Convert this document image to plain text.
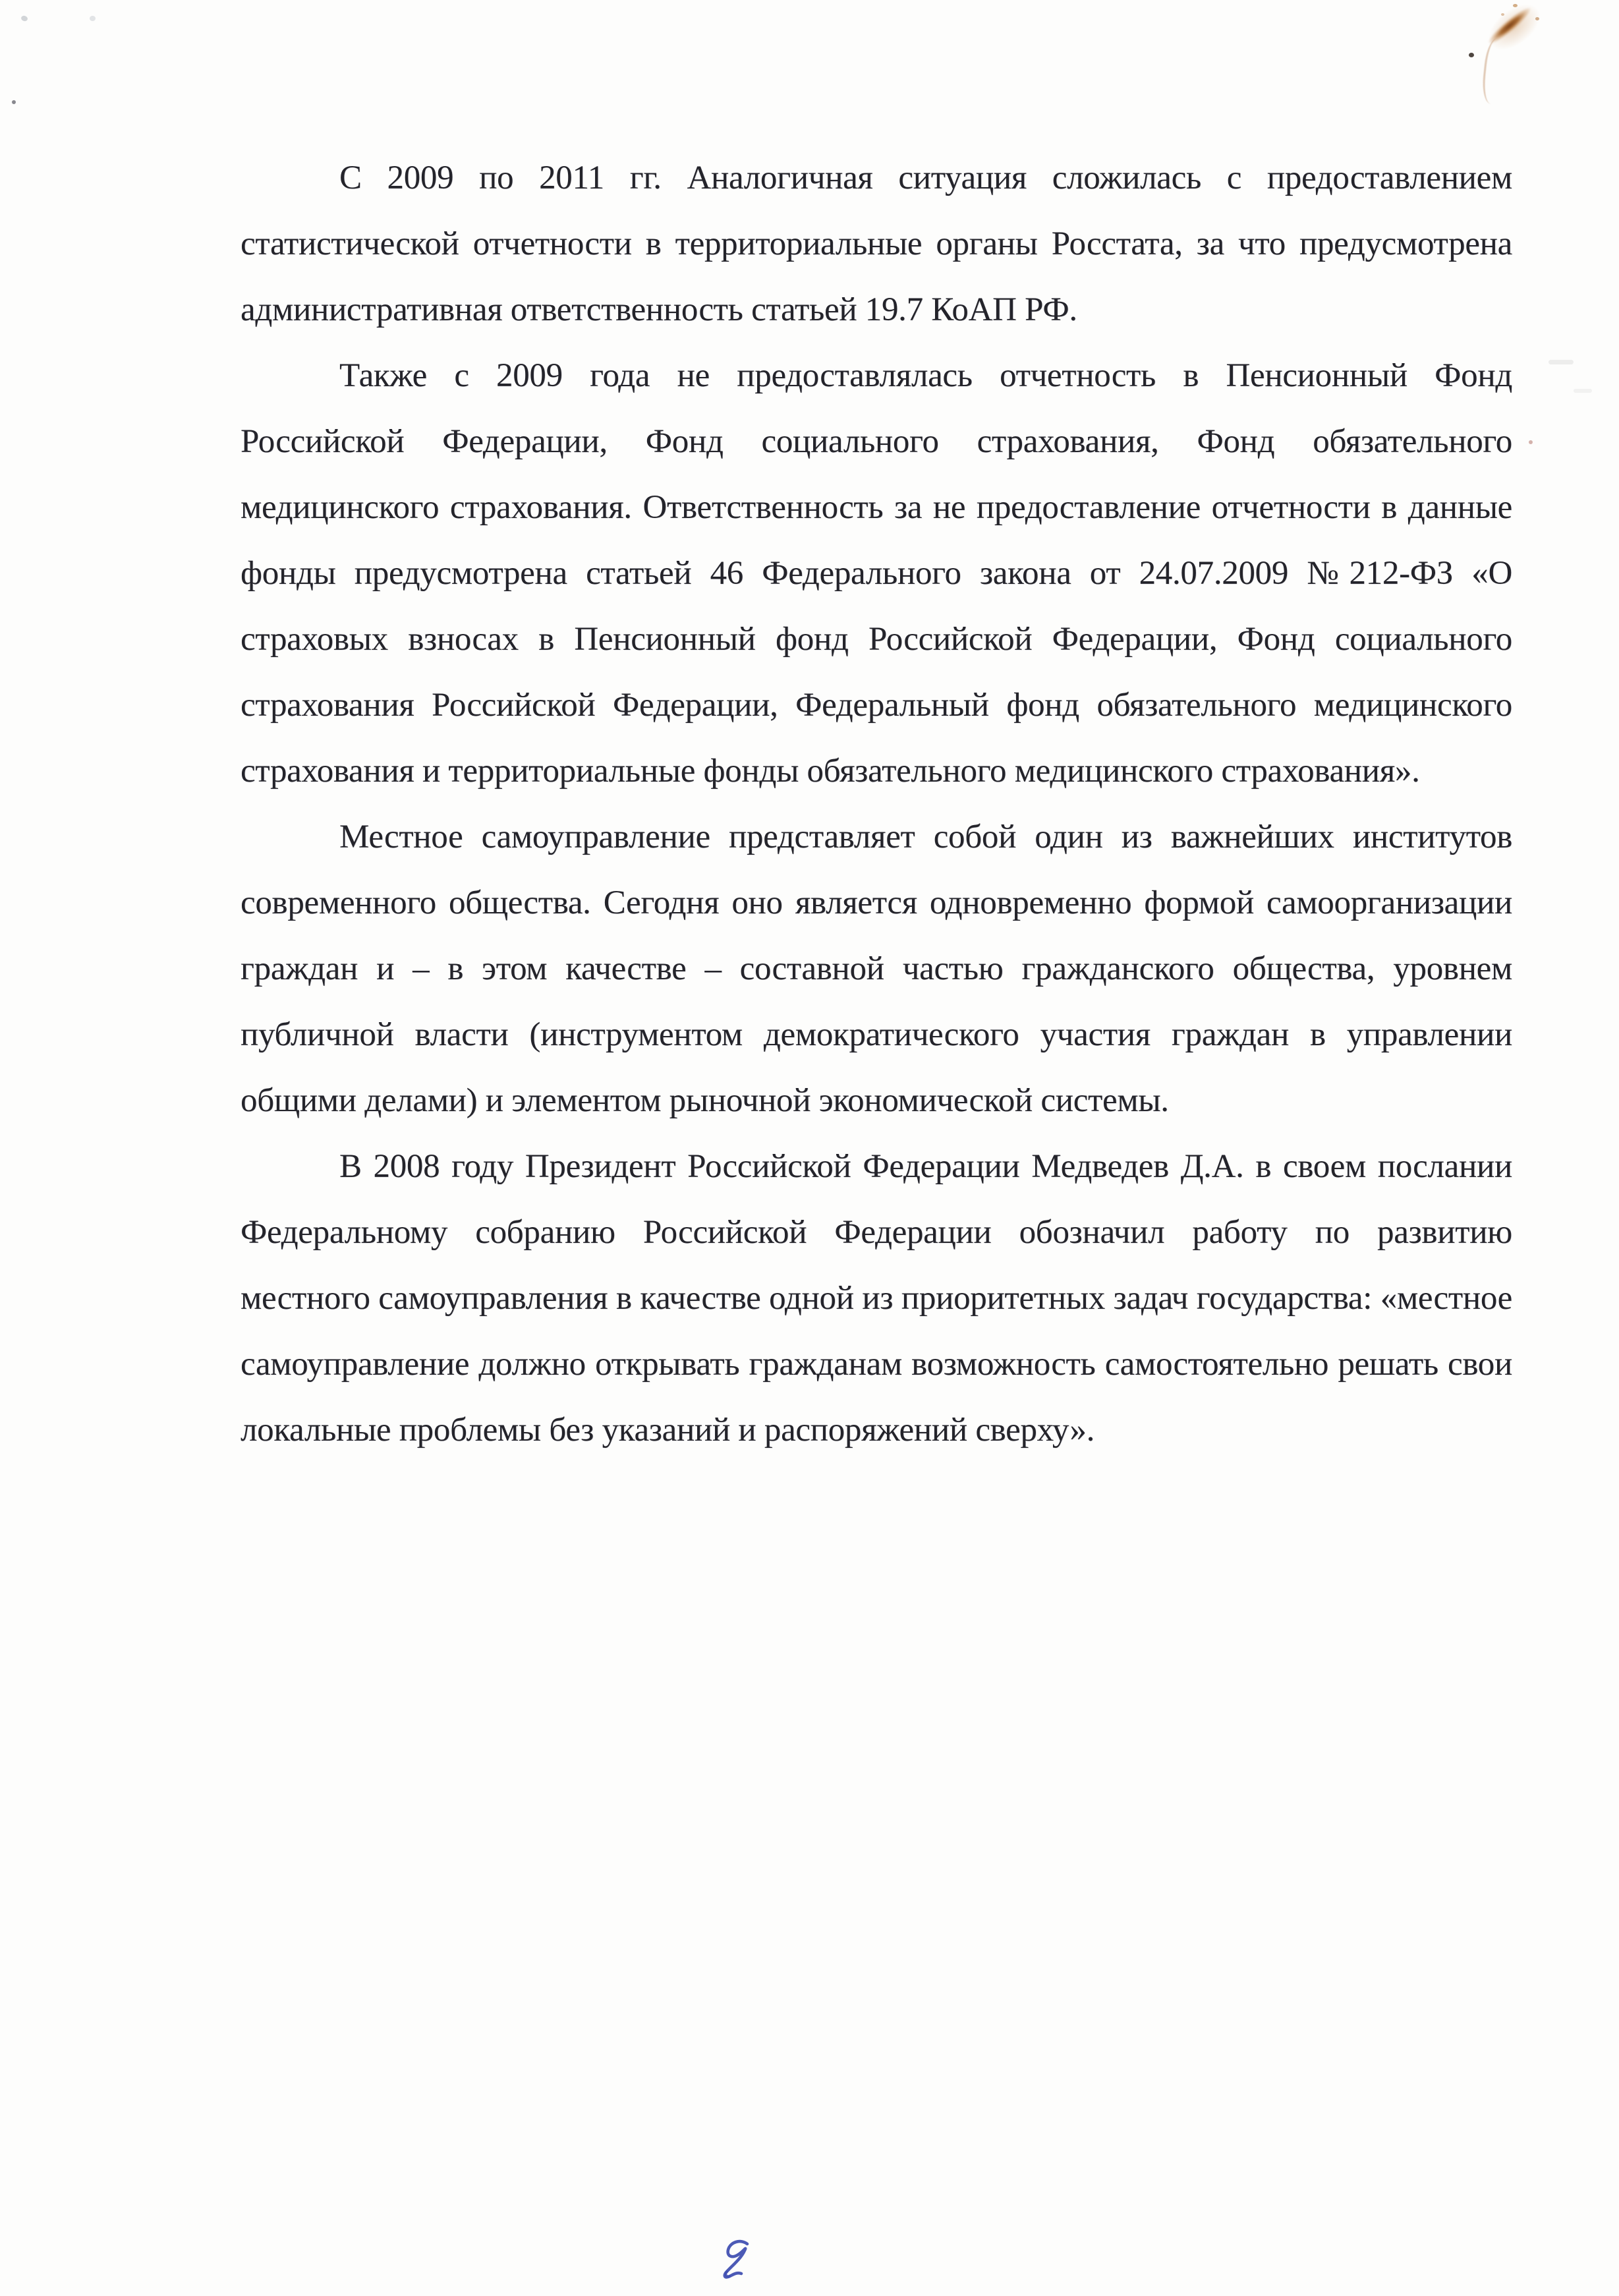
С 2009 по 2011 гг. Аналогичная ситуация сложилась с предоставлением статистической отчетности в территориальные органы Росстата, за что предусмотрена административная ответственность статьей 19.7 КоАП РФ.

Также с 2009 года не предоставлялась отчетность в Пенсионный Фонд Российской Федерации, Фонд социального страхования, Фонд обязательного медицинского страхования. Ответственность за не предоставление отчетности в данные фонды предусмотрена статьей 46 Федерального закона от 24.07.2009 №212-ФЗ «О страховых взносах в Пенсионный фонд Российской Федерации, Фонд социального страхования Российской Федерации, Федеральный фонд обязательного медицинского страхования и территориальные фонды обязательного медицинского страхования».

Местное самоуправление представляет собой один из важнейших институтов современного общества. Сегодня оно является одновременно формой самоорганизации граждан и – в этом качестве – составной частью гражданского общества, уровнем публичной власти (инструментом демократического участия граждан в управлении общими делами) и элементом рыночной экономической системы.

В 2008 году Президент Российской Федерации Медведев Д.А. в своем послании Федеральному собранию Российской Федерации обозначил работу по развитию местного самоуправления в качестве одной из приоритетных задач государства: «местное самоуправление должно открывать гражданам возможность самостоятельно решать свои локальные проблемы без указаний и распоряжений сверху».
